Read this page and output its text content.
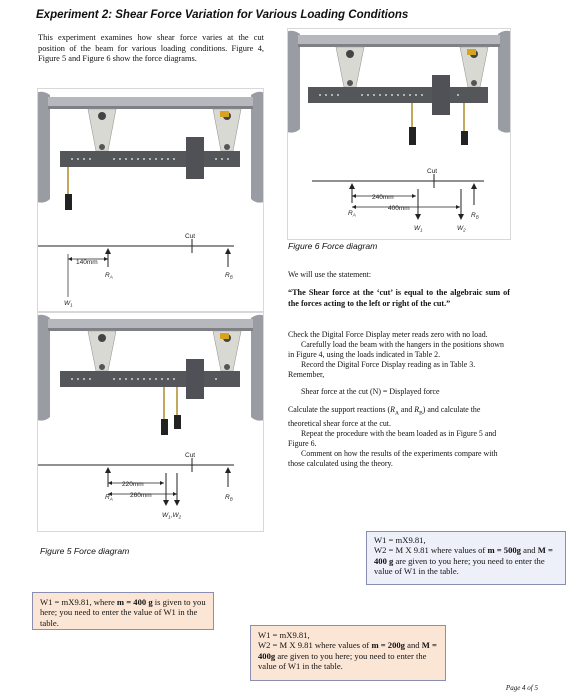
Experiment 2: Shear Force Variation for Various Loading Conditions
This experiment examines how shear force varies at the cut position of the beam for various loading conditions. Figure 4, Figure 5 and Figure 6 show the force diagrams.
Cut
140mm
$R_A$	$R_B$
$W_1$
Cut
$R_A$
220mm
260mm
$W_1,W_2$
$R_B$
Figure 5 Force diagram
Cut
$R_A$
240mm
400mm
$W_1$	$W_2$
$R_B$
Figure 6 Force diagram
We will use the statement:
“The Shear force at the ‘cut’ is equal to the algebraic sum of the forces acting to the left or right of the cut.”
Check the Digital Force Display meter reads zero with no load.
Carefully load the beam with the hangers in the positions shown in Figure 4, using the loads indicated in Table 2.
Record the Digital Force Display reading as in Table 3. Remember,
Shear force at the cut (N) = Displayed force
Calculate the support reactions ($R_A$ and $R_B$) and calculate the theoretical shear force at the cut.
Repeat the procedure with the beam loaded as in Figure 5 and Figure 6.
Comment on how the results of the experiments compare with those calculated using the theory.
W1 = mX9.81,
W2 = M X 9.81 where values of m = 500g and M = 400 g are given to you here; you need to enter the value of W1 in the table.
W1 = mX9.81, where m = 400 g is given to you here; you need to enter the value of W1 in the table.
W1 = mX9.81,
W2 = M X 9.81 where values of m = 200g and M = 400g are given to you here; you need to enter the value of W1 in the table.
Page 4 of 5
